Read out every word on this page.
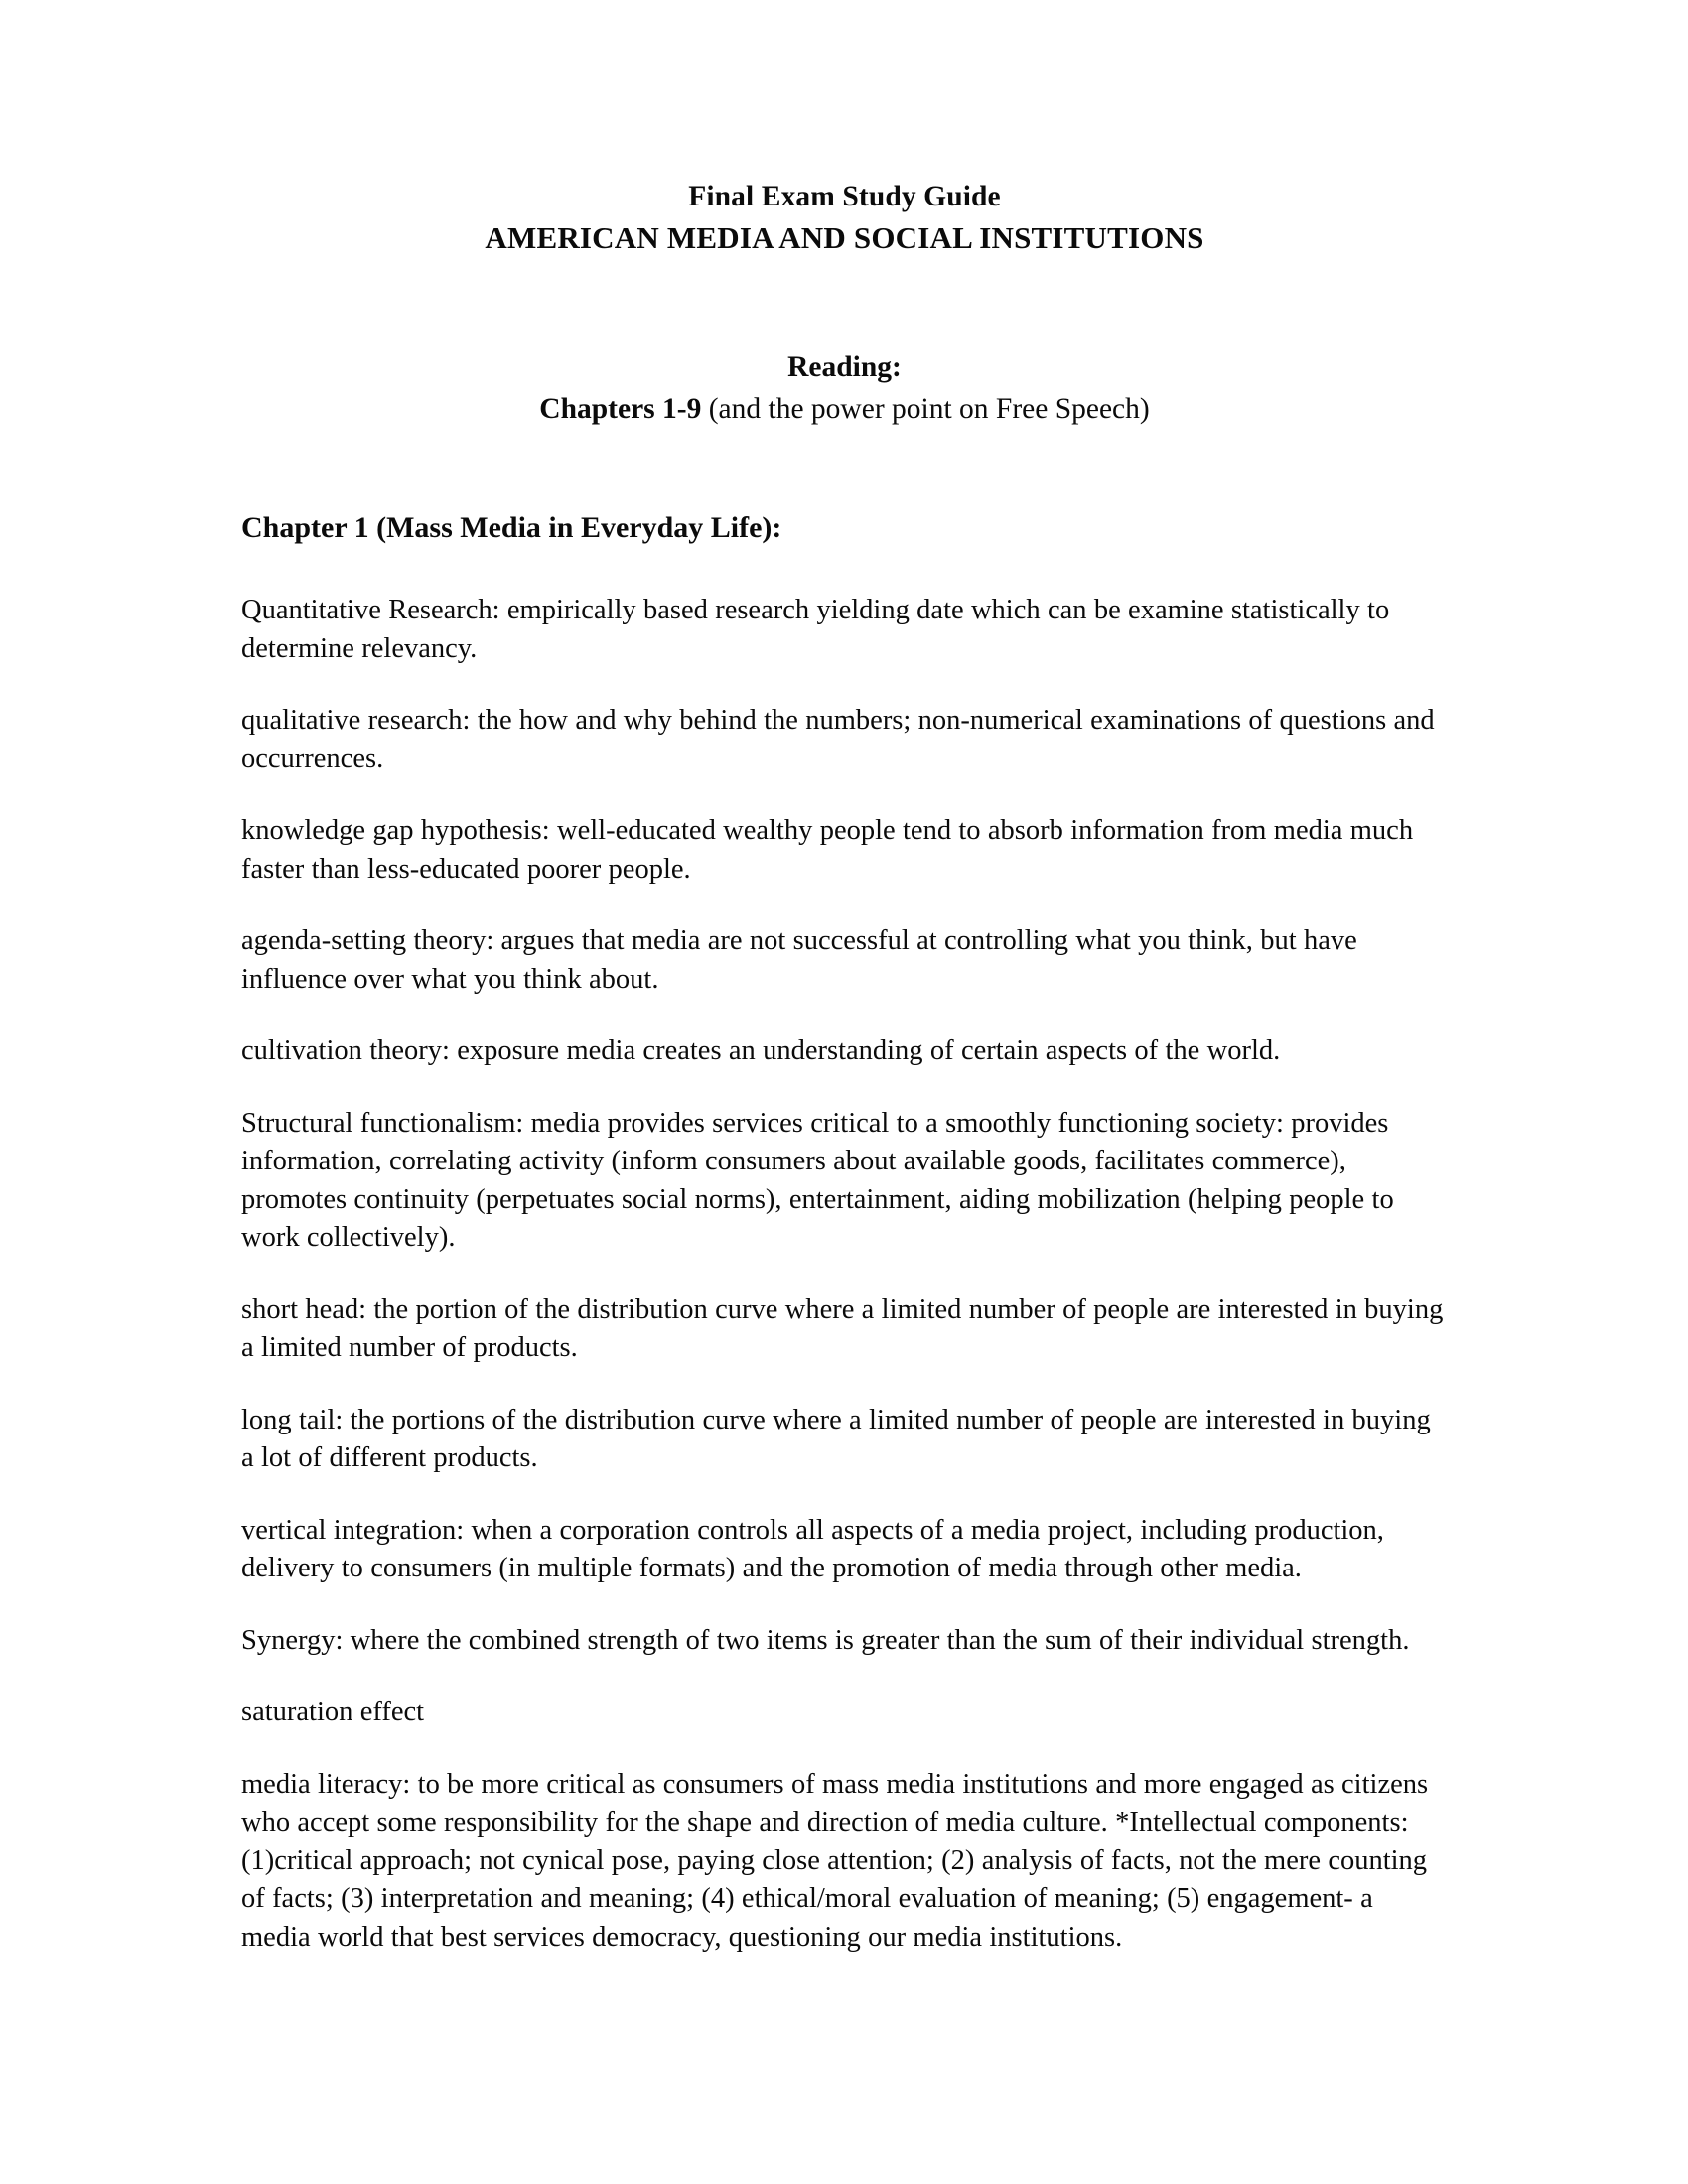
Final Exam Study Guide
AMERICAN MEDIA AND SOCIAL INSTITUTIONS
Reading:
Chapters 1-9 (and the power point on Free Speech)
Chapter 1 (Mass Media in Everyday Life):

Quantitative Research: empirically based research yielding date which can be examine statistically to determine relevancy.

qualitative research: the how and why behind the numbers; non-numerical examinations of questions and occurrences.

knowledge gap hypothesis: well-educated wealthy people tend to absorb information from media much faster than less-educated poorer people.

agenda-setting theory: argues that media are not successful at controlling what you think, but have influence over what you think about.

cultivation theory: exposure media creates an understanding of certain aspects of the world.

Structural functionalism: media provides services critical to a smoothly functioning society: provides information, correlating activity (inform consumers about available goods, facilitates commerce), promotes continuity (perpetuates social norms), entertainment, aiding mobilization (helping people to work collectively).

short head: the portion of the distribution curve where a limited number of people are interested in buying a limited number of products.

long tail: the portions of the distribution curve where a limited number of people are interested in buying a lot of different products.

vertical integration: when a corporation controls all aspects of a media project, including production, delivery to consumers (in multiple formats) and the promotion of media through other media.

Synergy: where the combined strength of two items is greater than the sum of their individual strength.

saturation effect

media literacy: to be more critical as consumers of mass media institutions and more engaged as citizens who accept some responsibility for the shape and direction of media culture. *Intellectual components: (1)critical approach; not cynical pose, paying close attention; (2) analysis of facts, not the mere counting of facts; (3) interpretation and meaning; (4) ethical/moral evaluation of meaning; (5) engagement- a media world that best services democracy, questioning our media institutions.
